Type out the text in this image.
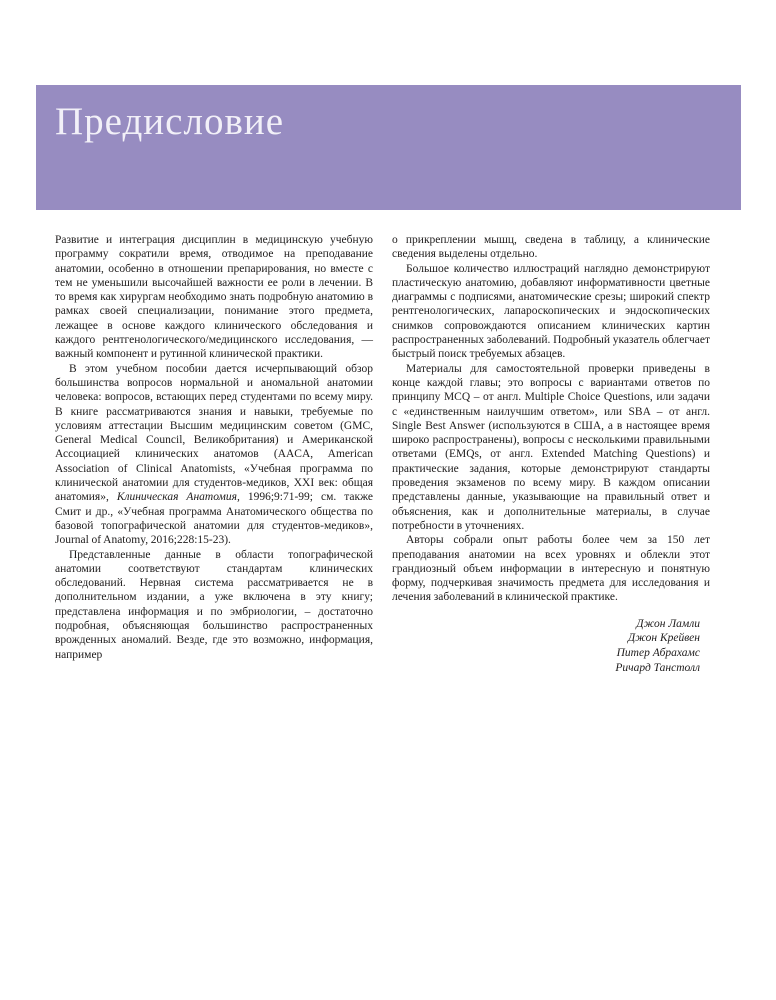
Предисловие

Развитие и интеграция дисциплин в медицинскую учебную программу сократили время, отводимое на преподавание анатомии, особенно в отношении препарирования, но вместе с тем не уменьшили высочайшей важности ее роли в лечении. В то время как хирургам необходимо знать подробную анатомию в рамках своей специализации, понимание этого предмета, лежащее в основе каждого клинического обследования и каждого рентгенологического/медицинского исследования, — важный компонент и рутинной клинической практики.

В этом учебном пособии дается исчерпывающий обзор большинства вопросов нормальной и аномальной анатомии человека: вопросов, встающих перед студентами по всему миру. В книге рассматриваются знания и навыки, требуемые по условиям аттестации Высшим медицинским советом (GMC, General Medical Council, Великобритания) и Американской Ассоциацией клинических анатомов (AACA, American Association of Clinical Anatomists, «Учебная программа по клинической анатомии для студентов-медиков, XXI век: общая анатомия», Клиническая Анатомия, 1996;9:71-99; см. также Смит и др., «Учебная программа Анатомического общества по базовой топографической анатомии для студентов-медиков», Journal of Anatomy, 2016;228:15-23).

Представленные данные в области топографической анатомии соответствуют стандартам клинических обследований. Нервная система рассматривается не в дополнительном издании, а уже включена в эту книгу; представлена информация и по эмбриологии, – достаточно подробная, объясняющая большинство распространенных врожденных аномалий. Везде, где это возможно, информация, например

о прикреплении мышц, сведена в таблицу, а клинические сведения выделены отдельно.

Большое количество иллюстраций наглядно демонстрируют пластическую анатомию, добавляют информативности цветные диаграммы с подписями, анатомические срезы; широкий спектр рентгенологических, лапароскопических и эндоскопических снимков сопровождаются описанием клинических картин распространенных заболеваний. Подробный указатель облегчает быстрый поиск требуемых абзацев.

Материалы для самостоятельной проверки приведены в конце каждой главы; это вопросы с вариантами ответов по принципу MCQ – от англ. Multiple Choice Questions, или задачи с «единственным наилучшим ответом», или SBA – от англ. Single Best Answer (используются в США, а в настоящее время широко распространены), вопросы с несколькими правильными ответами (EMQs, от англ. Extended Matching Questions) и практические задания, которые демонстрируют стандарты проведения экзаменов по всему миру. В каждом описании представлены данные, указывающие на правильный ответ и объяснения, как и дополнительные материалы, в случае потребности в уточнениях.

Авторы собрали опыт работы более чем за 150 лет преподавания анатомии на всех уровнях и облекли этот грандиозный объем информации в интересную и понятную форму, подчеркивая значимость предмета для исследования и лечения заболеваний в клинической практике.

Джон Ламли
Джон Крейвен
Питер Абрахамс
Ричард Танстолл
